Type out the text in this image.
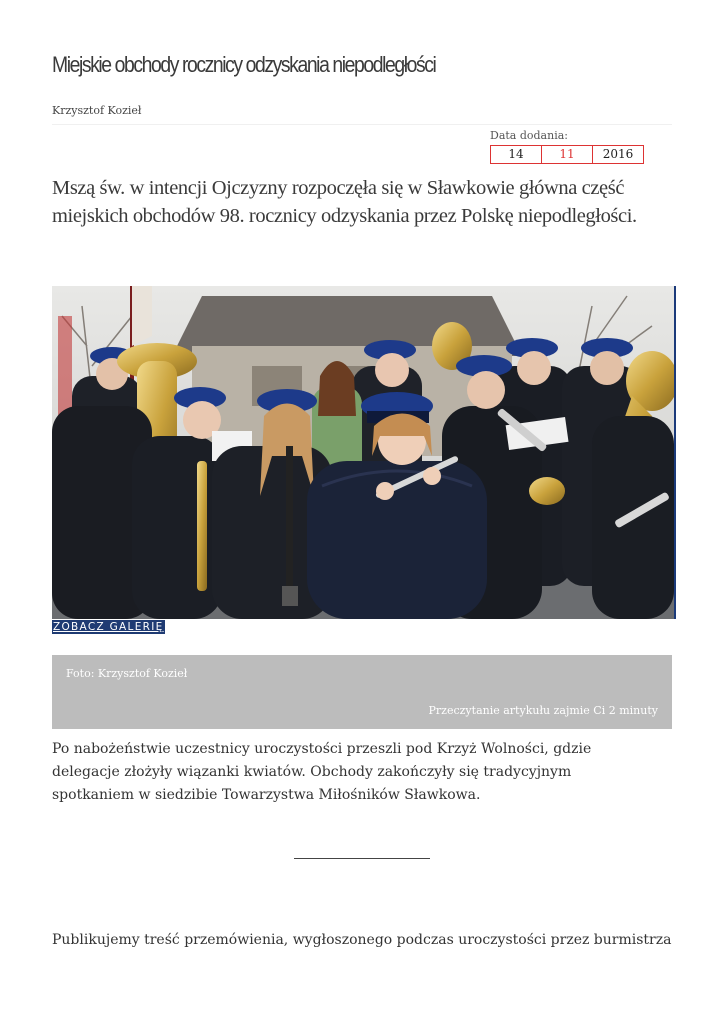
Miejskie obchody rocznicy odzyskania niepodległości
Krzysztof Kozieł
Data dodania:
14	11	2016
Mszą św. w intencji Ojczyzny rozpoczęła się w Sławkowie główna część miejskich obchodów 98. rocznicy odzyskania przez Polskę niepodległości.
ZOBACZ GALERIĘ
Foto: Krzysztof Kozieł
Przeczytanie artykułu zajmie Ci 2 minuty

Po nabożeństwie uczestnicy uroczystości przeszli pod Krzyż Wolności, gdzie delegacje złożyły wiązanki kwiatów. Obchody zakończyły się tradycyjnym spotkaniem w siedzibie Towarzystwa Miłośników Sławkowa.

Publikujemy treść przemówienia, wygłoszonego podczas uroczystości przez burmistrza
